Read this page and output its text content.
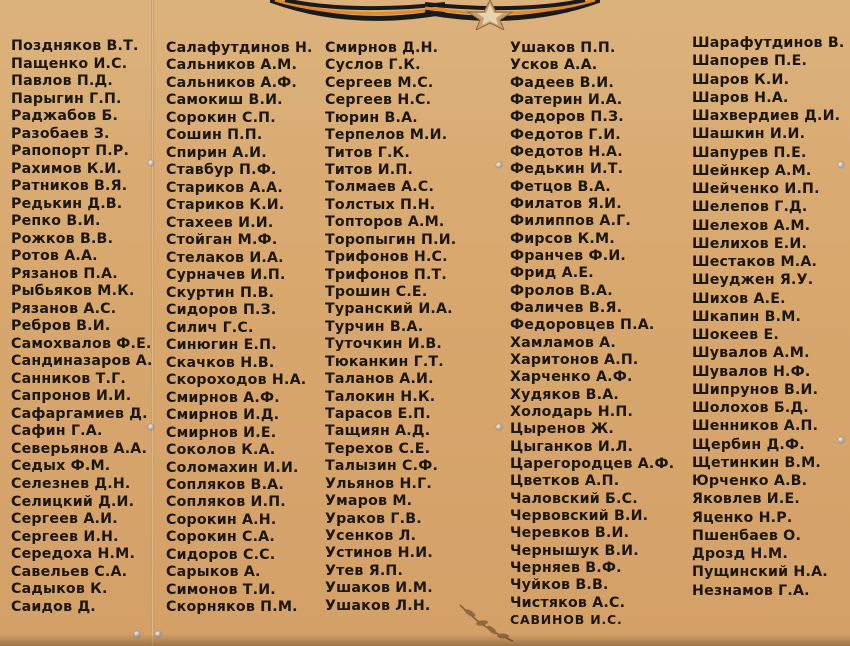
Поздняков В.Т.
Пащенко И.С.
Павлов П.Д.
Парыгин Г.П.
Раджабов Б.
Разобаев З.
Рапопорт П.Р.
Рахимов К.И.
Ратников В.Я.
Редькин Д.В.
Репко В.И.
Рожков В.В.
Ротов А.А.
Рязанов П.А.
Рыбьяков М.К.
Рязанов А.С.
Ребров В.И.
Самохвалов Ф.Е.
Сандиназаров А.
Санников Т.Г.
Сапронов И.И.
Сафаргамиев Д.
Сафин Г.А.
Северьянов А.А.
Седых Ф.М.
Селезнев Д.Н.
Селицкий Д.И.
Сергеев А.И.
Сергеев И.Н.
Середоха Н.М.
Савельев С.А.
Садыков К.
Саидов Д.
Салафутдинов Н.
Сальников А.М.
Сальников А.Ф.
Самокиш В.И.
Сорокин С.П.
Сошин П.П.
Спирин А.И.
Ставбур П.Ф.
Стариков А.А.
Стариков К.И.
Стахеев И.И.
Стойган М.Ф.
Стелаков И.А.
Сурначев И.П.
Скуртин П.В.
Сидоров П.З.
Силич Г.С.
Синюгин Е.П.
Скачков Н.В.
Скороходов Н.А.
Смирнов А.Ф.
Смирнов И.Д.
Смирнов И.Е.
Соколов К.А.
Соломахин И.И.
Сопляков В.А.
Сопляков И.П.
Сорокин А.Н.
Сорокин С.А.
Сидоров С.С.
Сарыков А.
Симонов Т.И.
Скорняков П.М.
Смирнов Д.Н.
Суслов Г.К.
Сергеев М.С.
Сергеев Н.С.
Тюрин В.А.
Терпелов М.И.
Титов Г.К.
Титов И.П.
Толмаев А.С.
Толстых П.Н.
Топторов А.М.
Торопыгин П.И.
Трифонов Н.С.
Трифонов П.Т.
Трошин С.Е.
Туранский И.А.
Турчин В.А.
Туточкин И.В.
Тюканкин Г.Т.
Таланов А.И.
Талокин Н.К.
Тарасов Е.П.
Тащиян А.Д.
Терехов С.Е.
Талызин С.Ф.
Ульянов Н.Г.
Умаров М.
Ураков Г.В.
Усенков Л.
Устинов Н.И.
Утев Я.П.
Ушаков И.М.
Ушаков Л.Н.
Ушаков П.П.
Усков А.А.
Фадеев В.И.
Фатерин И.А.
Федоров П.З.
Федотов Г.И.
Федотов Н.А.
Федькин И.Т.
Фетцов В.А.
Филатов Я.И.
Филиппов А.Г.
Фирсов К.М.
Франчев Ф.И.
Фрид А.Е.
Фролов В.А.
Фаличев В.Я.
Федоровцев П.А.
Хамламов А.
Харитонов А.П.
Харченко А.Ф.
Худяков В.А.
Холодарь Н.П.
Цыренов Ж.
Цыганков И.Л.
Царегородцев А.Ф.
Цветков А.П.
Чаловский Б.С.
Червовский В.И.
Черевков В.И.
Чернышук В.И.
Черняев В.Ф.
Чуйков В.В.
Чистяков А.С.
САВИНОВ И.С.
Шарафутдинов В.
Шапорев П.Е.
Шаров К.И.
Шаров Н.А.
Шахвердиев Д.И.
Шашкин И.И.
Шапурев П.Е.
Шейнкер А.М.
Шейченко И.П.
Шелепов Г.Д.
Шелехов А.М.
Шелихов Е.И.
Шестаков М.А.
Шеуджен Я.У.
Шихов А.Е.
Шкапин В.М.
Шокеев Е.
Шувалов А.М.
Шувалов Н.Ф.
Шипрунов В.И.
Шолохов Б.Д.
Шенников А.П.
Щербин Д.Ф.
Щетинкин В.М.
Юрченко А.В.
Яковлев И.Е.
Яценко Н.Р.
Пшенбаев О.
Дрозд Н.М.
Пущинский Н.А.
Незнамов Г.А.
